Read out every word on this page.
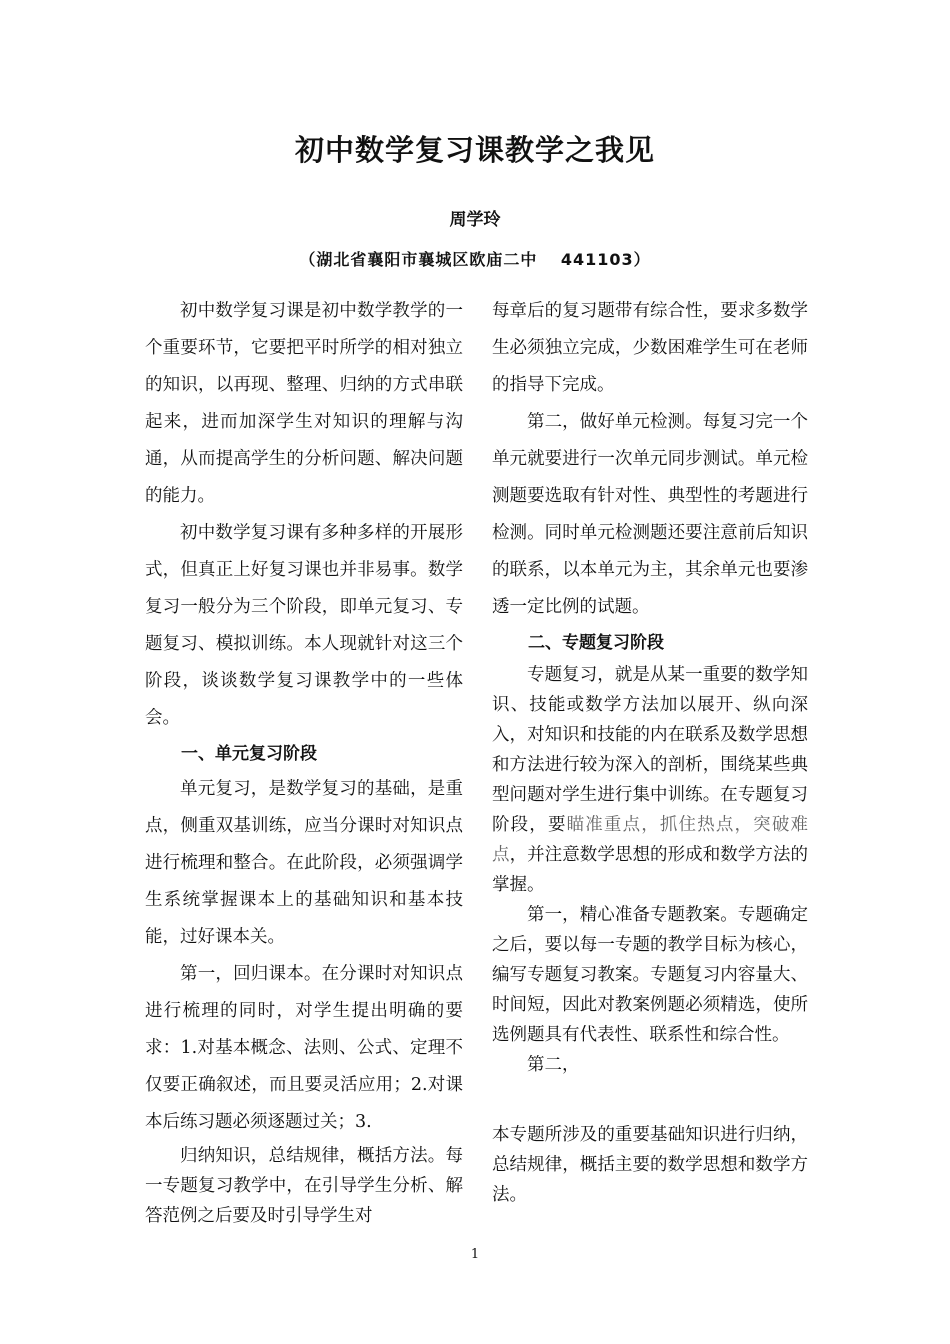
初中数学复习课教学之我见
周学玲
（湖北省襄阳市襄城区欧庙二中　 441103）

初中数学复习课是初中数学教学的一个重要环节，它要把平时所学的相对独立的知识，以再现、整理、归纳的方式串联起来，进而加深学生对知识的理解与沟通，从而提高学生的分析问题、解决问题的能力。

初中数学复习课有多种多样的开展形式，但真正上好复习课也并非易事。数学复习一般分为三个阶段，即单元复习、专题复习、模拟训练。本人现就针对这三个阶段，谈谈数学复习课教学中的一些体会。

一、单元复习阶段

单元复习，是数学复习的基础，是重点，侧重双基训练，应当分课时对知识点进行梳理和整合。在此阶段，必须强调学生系统掌握课本上的基础知识和基本技能，过好课本关。

第一，回归课本。在分课时对知识点进行梳理的同时，对学生提出明确的要求：1.对基本概念、法则、公式、定理不仅要正确叙述，而且要灵活应用；2.对课本后练习题必须逐题过关；3.

归纳知识，总结规律，概括方法。每一专题复习教学中，在引导学生分析、解答范例之后要及时引导学生对

每章后的复习题带有综合性，要求多数学生必须独立完成，少数困难学生可在老师的指导下完成。

第二，做好单元检测。每复习完一个单元就要进行一次单元同步测试。单元检测题要选取有针对性、典型性的考题进行检测。同时单元检测题还要注意前后知识的联系，以本单元为主，其余单元也要渗透一定比例的试题。

二、专题复习阶段

专题复习，就是从某一重要的数学知识、技能或数学方法加以展开、纵向深入，对知识和技能的内在联系及数学思想和方法进行较为深入的剖析，围绕某些典型问题对学生进行集中训练。在专题复习阶段，要瞄准重点，抓住热点，突破难点，并注意数学思想的形成和数学方法的掌握。

第一，精心准备专题教案。专题确定之后，要以每一专题的教学目标为核心，编写专题复习教案。专题复习内容量大、时间短，因此对教案例题必须精选，使所选例题具有代表性、联系性和综合性。

第二，

本专题所涉及的重要基础知识进行归纳，总结规律，概括主要的数学思想和数学方法。

1
